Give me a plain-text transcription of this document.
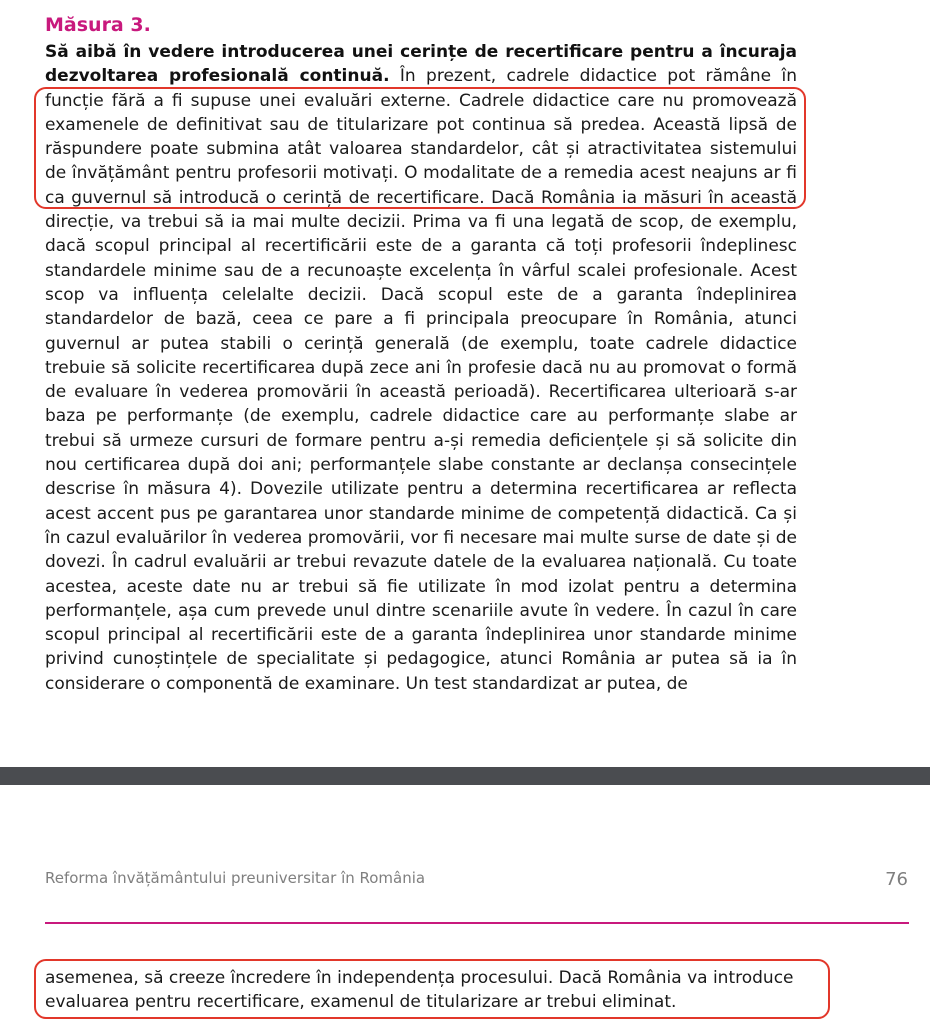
Măsura 3.

Să aibă în vedere introducerea unei cerințe de recertificare pentru a încuraja dezvoltarea profesională continuă. În prezent, cadrele didactice pot rămâne în funcție fără a fi supuse unei evaluări externe. Cadrele didactice care nu promovează examenele de definitivat sau de titularizare pot continua să predea. Această lipsă de răspundere poate submina atât valoarea standardelor, cât și atractivitatea sistemului de învățământ pentru profesorii motivați. O modalitate de a remedia acest neajuns ar fi ca guvernul să introducă o cerință de recertificare. Dacă România ia măsuri în această direcție, va trebui să ia mai multe decizii. Prima va fi una legată de scop, de exemplu, dacă scopul principal al recertificării este de a garanta că toți profesorii îndeplinesc standardele minime sau de a recunoaște excelența în vârful scalei profesionale. Acest scop va influența celelalte decizii. Dacă scopul este de a garanta îndeplinirea standardelor de bază, ceea ce pare a fi principala preocupare în România, atunci guvernul ar putea stabili o cerință generală (de exemplu, toate cadrele didactice trebuie să solicite recertificarea după zece ani în profesie dacă nu au promovat o formă de evaluare în vederea promovării în această perioadă). Recertificarea ulterioară s-ar baza pe performanțe (de exemplu, cadrele didactice care au performanțe slabe ar trebui să urmeze cursuri de formare pentru a-și remedia deficiențele și să solicite din nou certificarea după doi ani; performanțele slabe constante ar declanșa consecințele descrise în măsura 4). Dovezile utilizate pentru a determina recertificarea ar reflecta acest accent pus pe garantarea unor standarde minime de competență didactică. Ca și în cazul evaluărilor în vederea promovării, vor fi necesare mai multe surse de date și de dovezi. În cadrul evaluării ar trebui revazute datele de la evaluarea națională. Cu toate acestea, aceste date nu ar trebui să fie utilizate în mod izolat pentru a determina performanțele, așa cum prevede unul dintre scenariile avute în vedere. În cazul în care scopul principal al recertificării este de a garanta îndeplinirea unor standarde minime privind cunoștințele de specialitate și pedagogice, atunci România ar putea să ia în considerare o componentă de examinare. Un test standardizat ar putea, de

Reforma învățământului preuniversitar în România	76

asemenea, să creeze încredere în independența procesului. Dacă România va introduce evaluarea pentru recertificare, examenul de titularizare ar trebui eliminat.
